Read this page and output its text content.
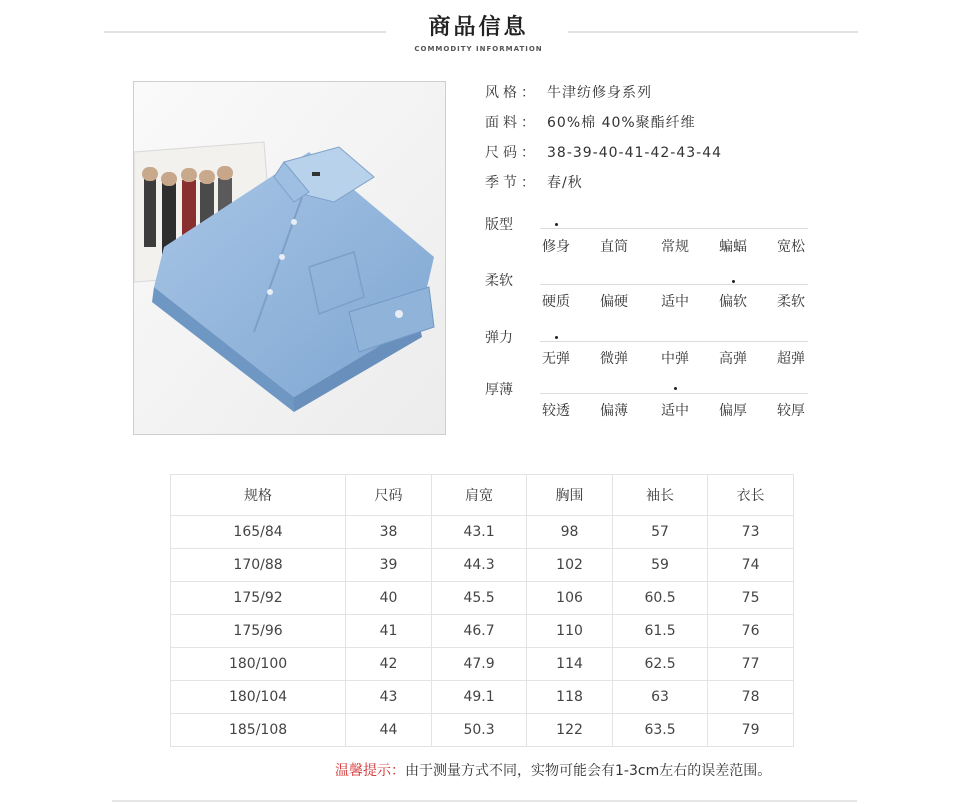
商品信息
COMMODITY INFORMATION
风格： 牛津纺修身系列
面料： 60%棉 40%聚酯纤维
尺码： 38-39-40-41-42-43-44
季节： 春/秋
版型
修身	直筒	常规	蝙蝠	宽松
柔软
硬质	偏硬	适中	偏软	柔软
弹力
无弹	微弹	中弹	高弹	超弹
厚薄
较透	偏薄	适中	偏厚	较厚
规格	尺码	肩宽	胸围	袖长	衣长
165/84	38	43.1	98	57	73
170/88	39	44.3	102	59	74
175/92	40	45.5	106	60.5	75
175/96	41	46.7	110	61.5	76
180/100	42	47.9	114	62.5	77
180/104	43	49.1	118	63	78
185/108	44	50.3	122	63.5	79
温馨提示：由于测量方式不同，实物可能会有1-3cm左右的误差范围。
